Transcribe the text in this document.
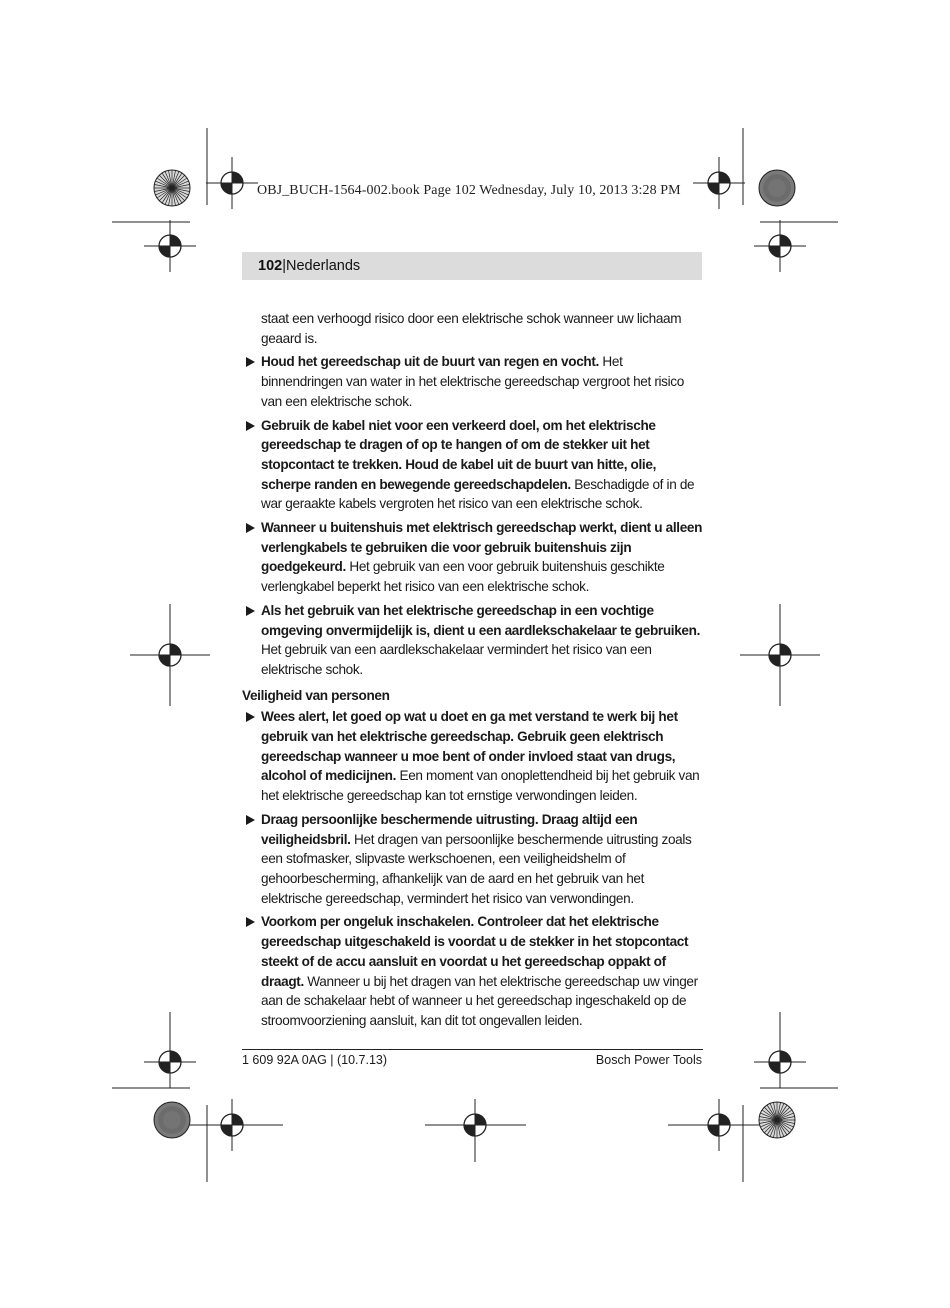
OBJ_BUCH-1564-002.book Page 102 Wednesday, July 10, 2013 3:28 PM
102|Nederlands

staat een verhoogd risico door een elektrische schok wanneer uw lichaam geaard is.

Houd het gereedschap uit de buurt van regen en vocht. Het binnendringen van water in het elektrische gereedschap vergroot het risico van een elektrische schok.

Gebruik de kabel niet voor een verkeerd doel, om het elektrische gereedschap te dragen of op te hangen of om de stekker uit het stopcontact te trekken. Houd de kabel uit de buurt van hitte, olie, scherpe randen en bewegende gereedschapdelen. Beschadigde of in de war geraakte kabels vergroten het risico van een elektrische schok.

Wanneer u buitenshuis met elektrisch gereedschap werkt, dient u alleen verlengkabels te gebruiken die voor gebruik buitenshuis zijn goedgekeurd. Het gebruik van een voor gebruik buitenshuis geschikte verlengkabel beperkt het risico van een elektrische schok.

Als het gebruik van het elektrische gereedschap in een vochtige omgeving onvermijdelijk is, dient u een aardlekschakelaar te gebruiken. Het gebruik van een aardlekschakelaar vermindert het risico van een elektrische schok.

Veiligheid van personen

Wees alert, let goed op wat u doet en ga met verstand te werk bij het gebruik van het elektrische gereedschap. Gebruik geen elektrisch gereedschap wanneer u moe bent of onder invloed staat van drugs, alcohol of medicijnen. Een moment van onoplettendheid bij het gebruik van het elektrische gereedschap kan tot ernstige verwondingen leiden.

Draag persoonlijke beschermende uitrusting. Draag altijd een veiligheidsbril. Het dragen van persoonlijke beschermende uitrusting zoals een stofmasker, slipvaste werkschoenen, een veiligheidshelm of gehoorbescherming, afhankelijk van de aard en het gebruik van het elektrische gereedschap, vermindert het risico van verwondingen.

Voorkom per ongeluk inschakelen. Controleer dat het elektrische gereedschap uitgeschakeld is voordat u de stekker in het stopcontact steekt of de accu aansluit en voordat u het gereedschap oppakt of draagt. Wanneer u bij het dragen van het elektrische gereedschap uw vinger aan de schakelaar hebt of wanneer u het gereedschap ingeschakeld op de stroomvoorziening aansluit, kan dit tot ongevallen leiden.

1 609 92A 0AG | (10.7.13)	Bosch Power Tools
